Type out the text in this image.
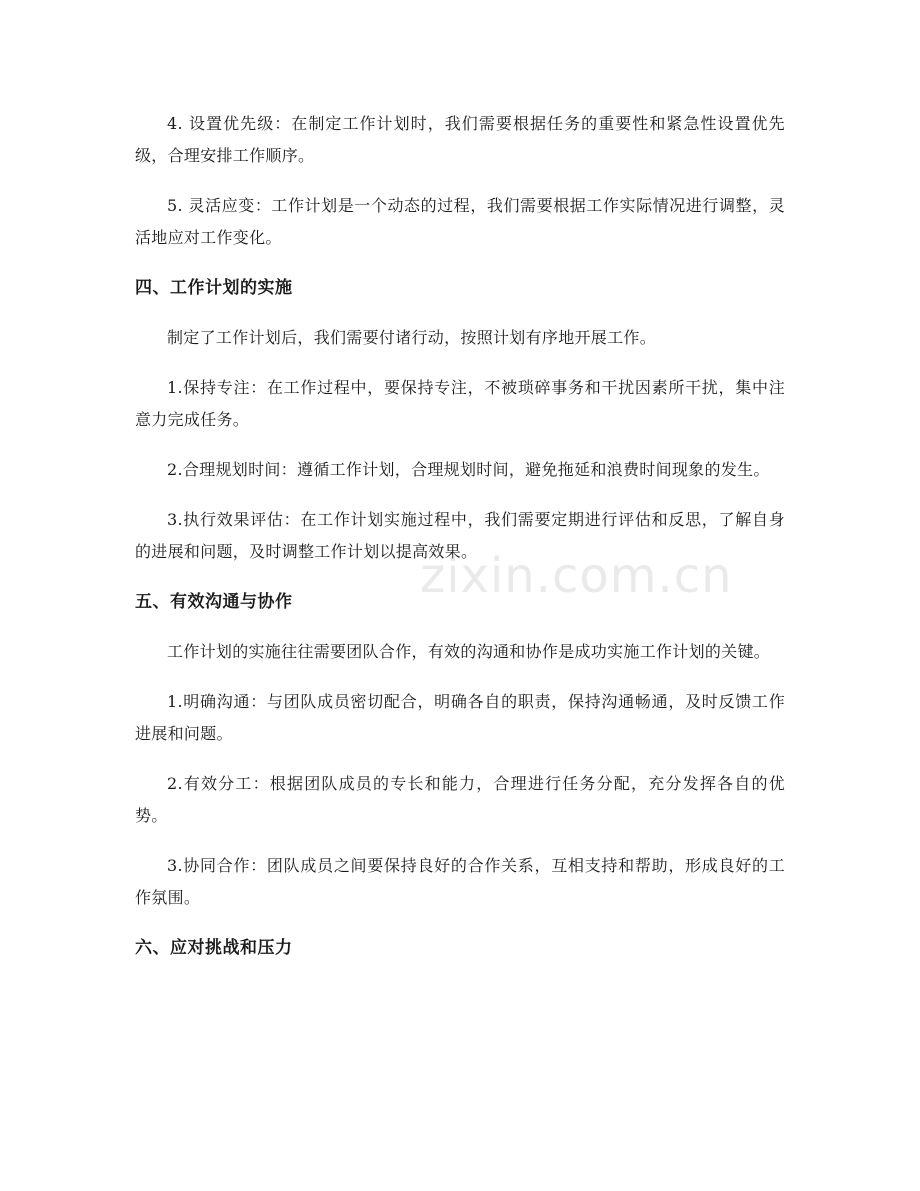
4. 设置优先级：在制定工作计划时，我们需要根据任务的重要性和紧急性设置优先级，合理安排工作顺序。

5. 灵活应变：工作计划是一个动态的过程，我们需要根据工作实际情况进行调整，灵活地应对工作变化。

四、工作计划的实施

制定了工作计划后，我们需要付诸行动，按照计划有序地开展工作。

1.保持专注：在工作过程中，要保持专注，不被琐碎事务和干扰因素所干扰，集中注意力完成任务。

2.合理规划时间：遵循工作计划，合理规划时间，避免拖延和浪费时间现象的发生。

3.执行效果评估：在工作计划实施过程中，我们需要定期进行评估和反思，了解自身的进展和问题，及时调整工作计划以提高效果。

五、有效沟通与协作

工作计划的实施往往需要团队合作，有效的沟通和协作是成功实施工作计划的关键。

1.明确沟通：与团队成员密切配合，明确各自的职责，保持沟通畅通，及时反馈工作进展和问题。

2.有效分工：根据团队成员的专长和能力，合理进行任务分配，充分发挥各自的优势。

3.协同合作：团队成员之间要保持良好的合作关系，互相支持和帮助，形成良好的工作氛围。

六、应对挑战和压力
zixin.com.cn
